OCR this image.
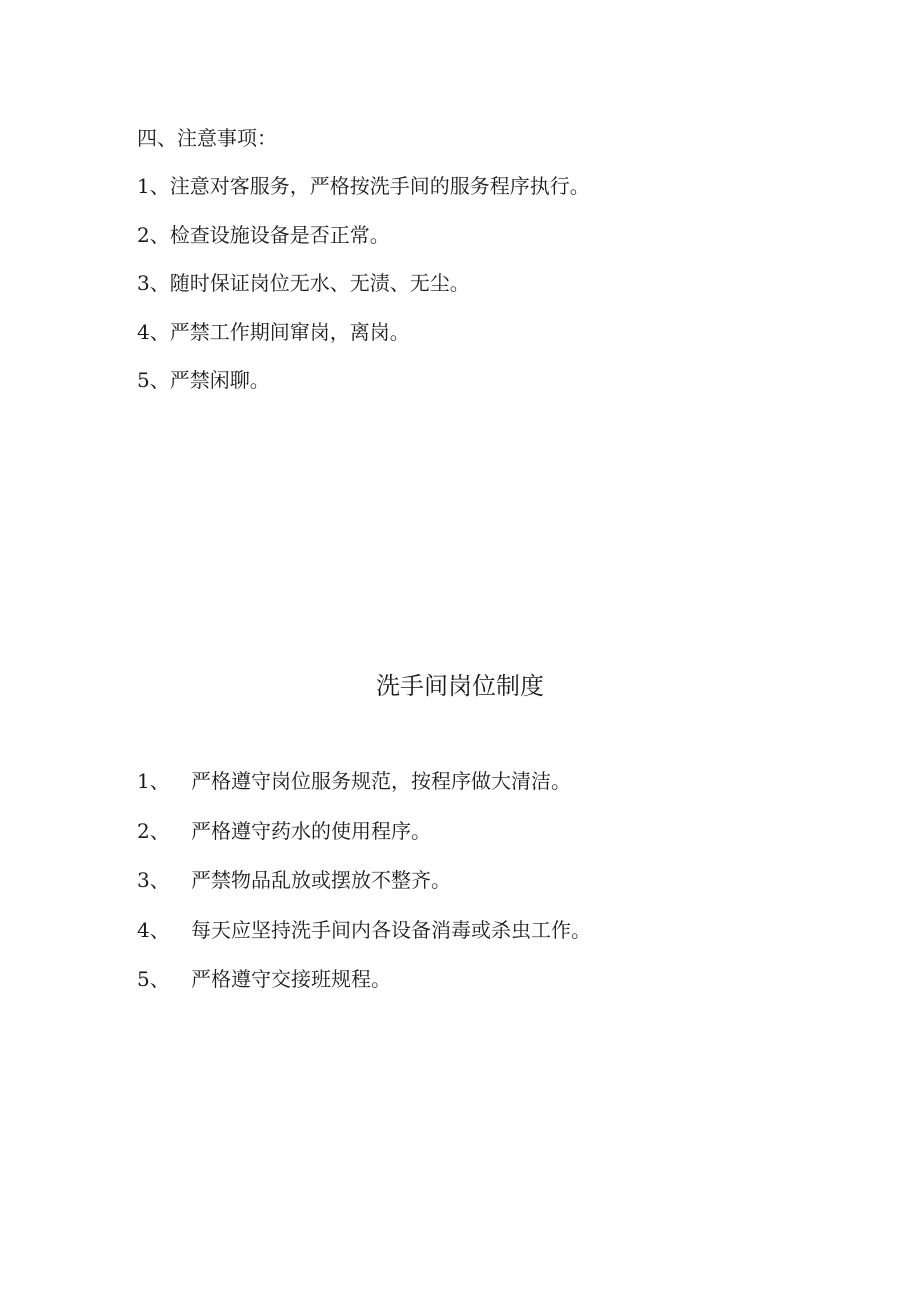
四、注意事项：
1、注意对客服务，严格按洗手间的服务程序执行。
2、检查设施设备是否正常。
3、随时保证岗位无水、无渍、无尘。
4、严禁工作期间窜岗，离岗。
5、严禁闲聊。
洗手间岗位制度
1、	严格遵守岗位服务规范，按程序做大清洁。
2、	严格遵守药水的使用程序。
3、	严禁物品乱放或摆放不整齐。
4、	每天应坚持洗手间内各设备消毒或杀虫工作。
5、	严格遵守交接班规程。
